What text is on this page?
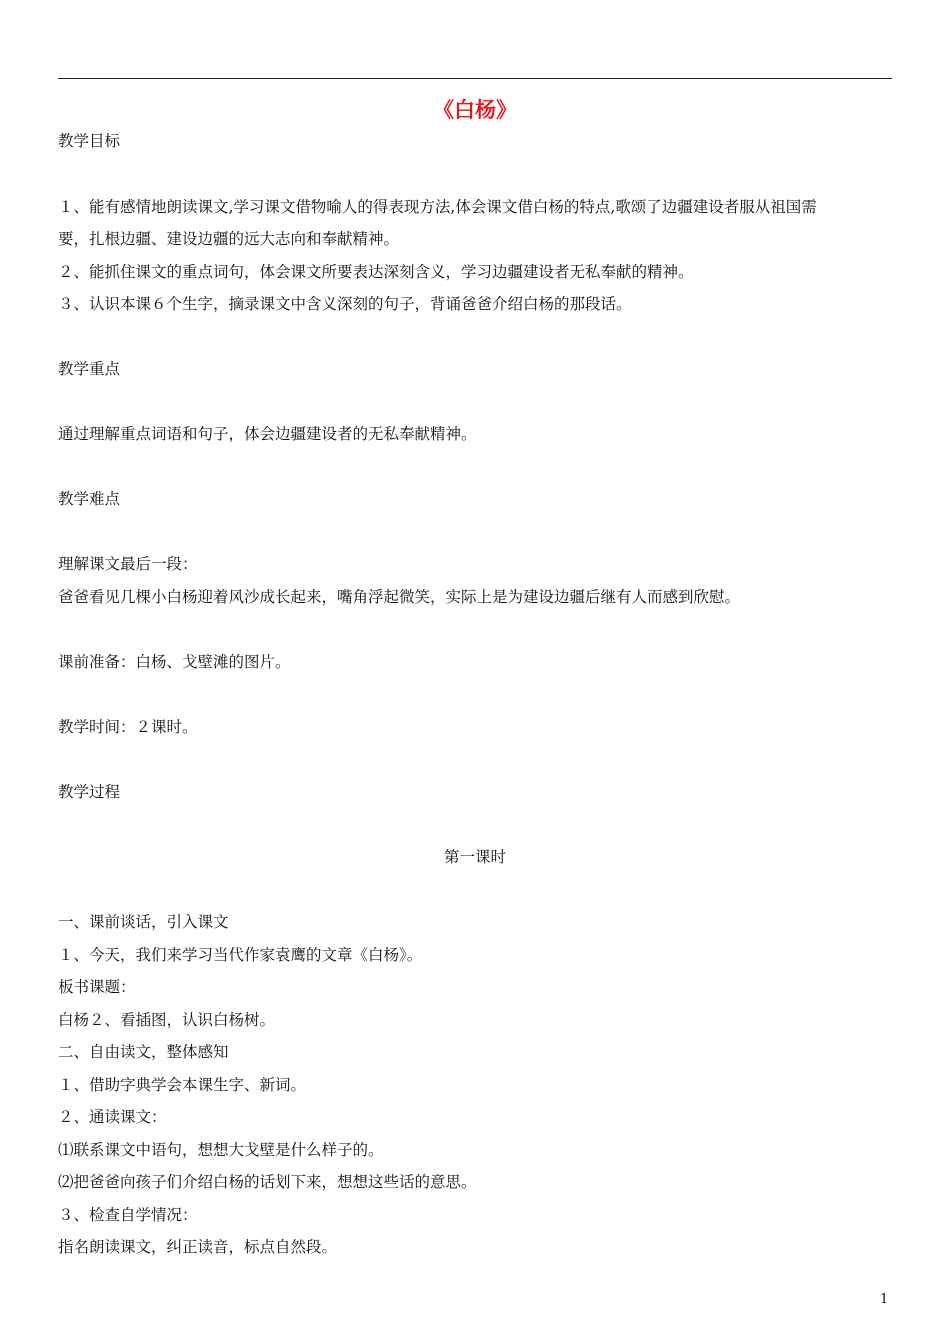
《白杨》
教学目标
１、能有感情地朗读课文,学习课文借物喻人的得表现方法,体会课文借白杨的特点,歌颂了边疆建设者服从祖国需
要，扎根边疆、建设边疆的远大志向和奉献精神。
２、能抓住课文的重点词句，体会课文所要表达深刻含义，学习边疆建设者无私奉献的精神。
３、认识本课６个生字，摘录课文中含义深刻的句子，背诵爸爸介绍白杨的那段话。
教学重点
通过理解重点词语和句子，体会边疆建设者的无私奉献精神。
教学难点
理解课文最后一段：
爸爸看见几棵小白杨迎着风沙成长起来，嘴角浮起微笑，实际上是为建设边疆后继有人而感到欣慰。
课前准备：白杨、戈壁滩的图片。
教学时间：２课时。
教学过程
第一课时
一、课前谈话，引入课文
１、今天，我们来学习当代作家袁鹰的文章《白杨》。
板书课题：
白杨２、看插图，认识白杨树。
二、自由读文，整体感知
１、借助字典学会本课生字、新词。
２、通读课文：
⑴联系课文中语句，想想大戈壁是什么样子的。
⑵把爸爸向孩子们介绍白杨的话划下来，想想这些话的意思。
３、检查自学情况：
指名朗读课文，纠正读音，标点自然段。
1
